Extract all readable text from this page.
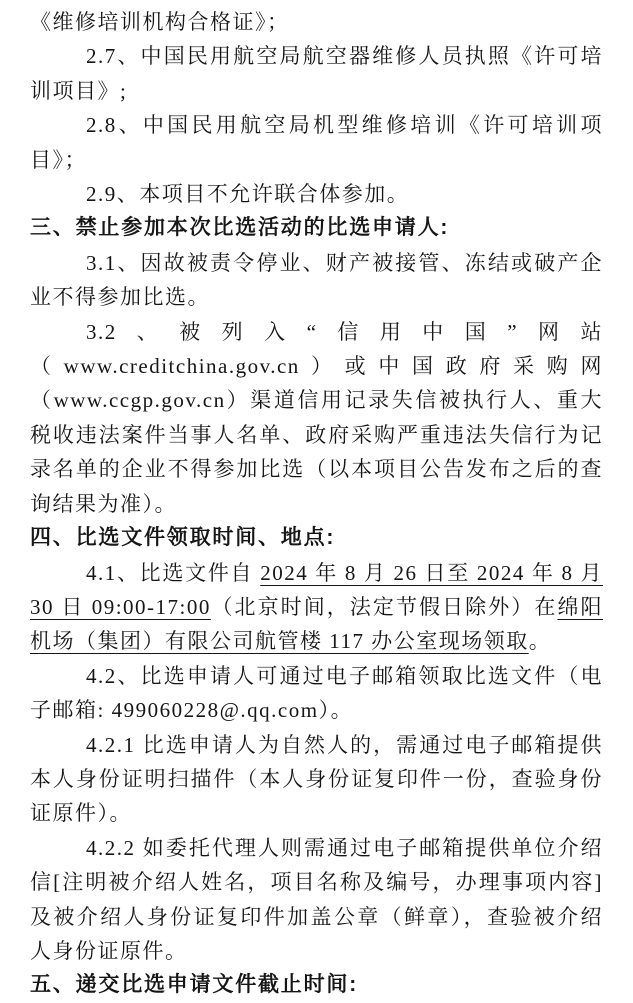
《维修培训机构合格证》；

2.7、中国民用航空局航空器维修人员执照《许可培训项目》;

2.8、中国民用航空局机型维修培训《许可培训项目》；

2.9、本项目不允许联合体参加。

三、禁止参加本次比选活动的比选申请人:

3.1、因故被责令停业、财产被接管、冻结或破产企业不得参加比选。

3.2、被列入“信用中国”网站（www.creditchina.gov.cn）或中国政府采购网（www.ccgp.gov.cn）渠道信用记录失信被执行人、重大税收违法案件当事人名单、政府采购严重违法失信行为记录名单的企业不得参加比选（以本项目公告发布之后的查询结果为准）。

四、比选文件领取时间、地点:

4.1、比选文件自 2024 年 8 月 26 日至 2024 年 8 月 30 日 09:00-17:00（北京时间，法定节假日除外）在绵阳机场（集团）有限公司航管楼 117 办公室现场领取。

4.2、比选申请人可通过电子邮箱领取比选文件（电子邮箱: 499060228@.qq.com）。

4.2.1 比选申请人为自然人的，需通过电子邮箱提供本人身份证明扫描件（本人身份证复印件一份，查验身份证原件）。

4.2.2 如委托代理人则需通过电子邮箱提供单位介绍信[注明被介绍人姓名，项目名称及编号，办理事项内容]及被介绍人身份证复印件加盖公章（鲜章），查验被介绍人身份证原件。

五、递交比选申请文件截止时间:
